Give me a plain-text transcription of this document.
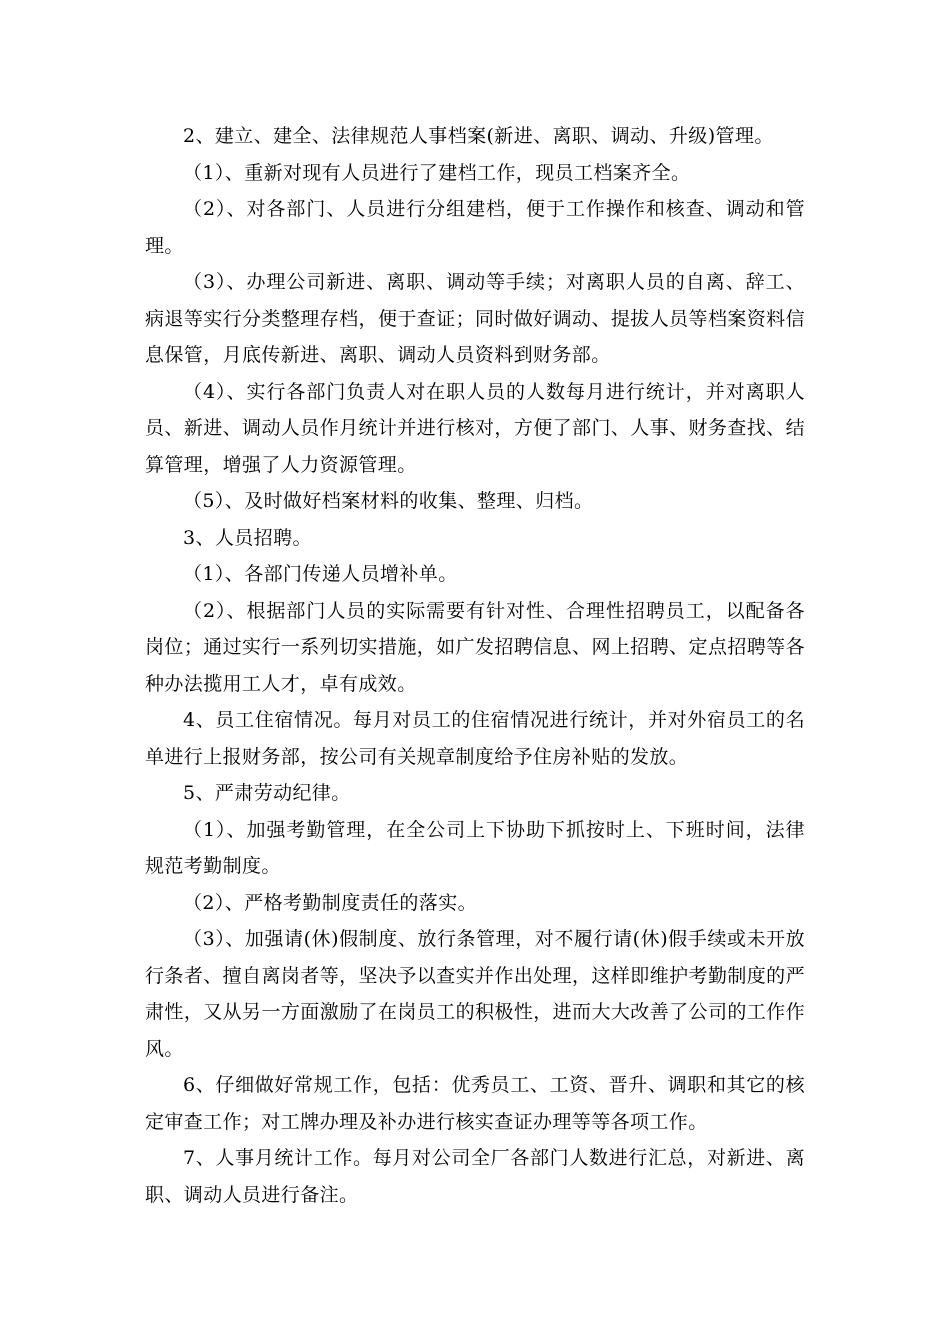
2、建立、建全、法律规范人事档案(新进、离职、调动、升级)管理。

（1）、重新对现有人员进行了建档工作，现员工档案齐全。

（2）、对各部门、人员进行分组建档，便于工作操作和核查、调动和管理。

（3）、办理公司新进、离职、调动等手续；对离职人员的自离、辞工、病退等实行分类整理存档，便于查证；同时做好调动、提拔人员等档案资料信息保管，月底传新进、离职、调动人员资料到财务部。

（4）、实行各部门负责人对在职人员的人数每月进行统计，并对离职人员、新进、调动人员作月统计并进行核对，方便了部门、人事、财务查找、结算管理，增强了人力资源管理。

（5）、及时做好档案材料的收集、整理、归档。

3、人员招聘。

（1）、各部门传递人员增补单。

（2）、根据部门人员的实际需要有针对性、合理性招聘员工，以配备各岗位；通过实行一系列切实措施，如广发招聘信息、网上招聘、定点招聘等各种办法揽用工人才，卓有成效。

4、员工住宿情况。每月对员工的住宿情况进行统计，并对外宿员工的名单进行上报财务部，按公司有关规章制度给予住房补贴的发放。

5、严肃劳动纪律。

（1）、加强考勤管理，在全公司上下协助下抓按时上、下班时间，法律规范考勤制度。

（2）、严格考勤制度责任的落实。

（3）、加强请(休)假制度、放行条管理，对不履行请(休)假手续或未开放行条者、擅自离岗者等，坚决予以查实并作出处理，这样即维护考勤制度的严肃性，又从另一方面激励了在岗员工的积极性，进而大大改善了公司的工作作风。

6、仔细做好常规工作，包括：优秀员工、工资、晋升、调职和其它的核定审查工作；对工牌办理及补办进行核实查证办理等等各项工作。

7、人事月统计工作。每月对公司全厂各部门人数进行汇总，对新进、离职、调动人员进行备注。
